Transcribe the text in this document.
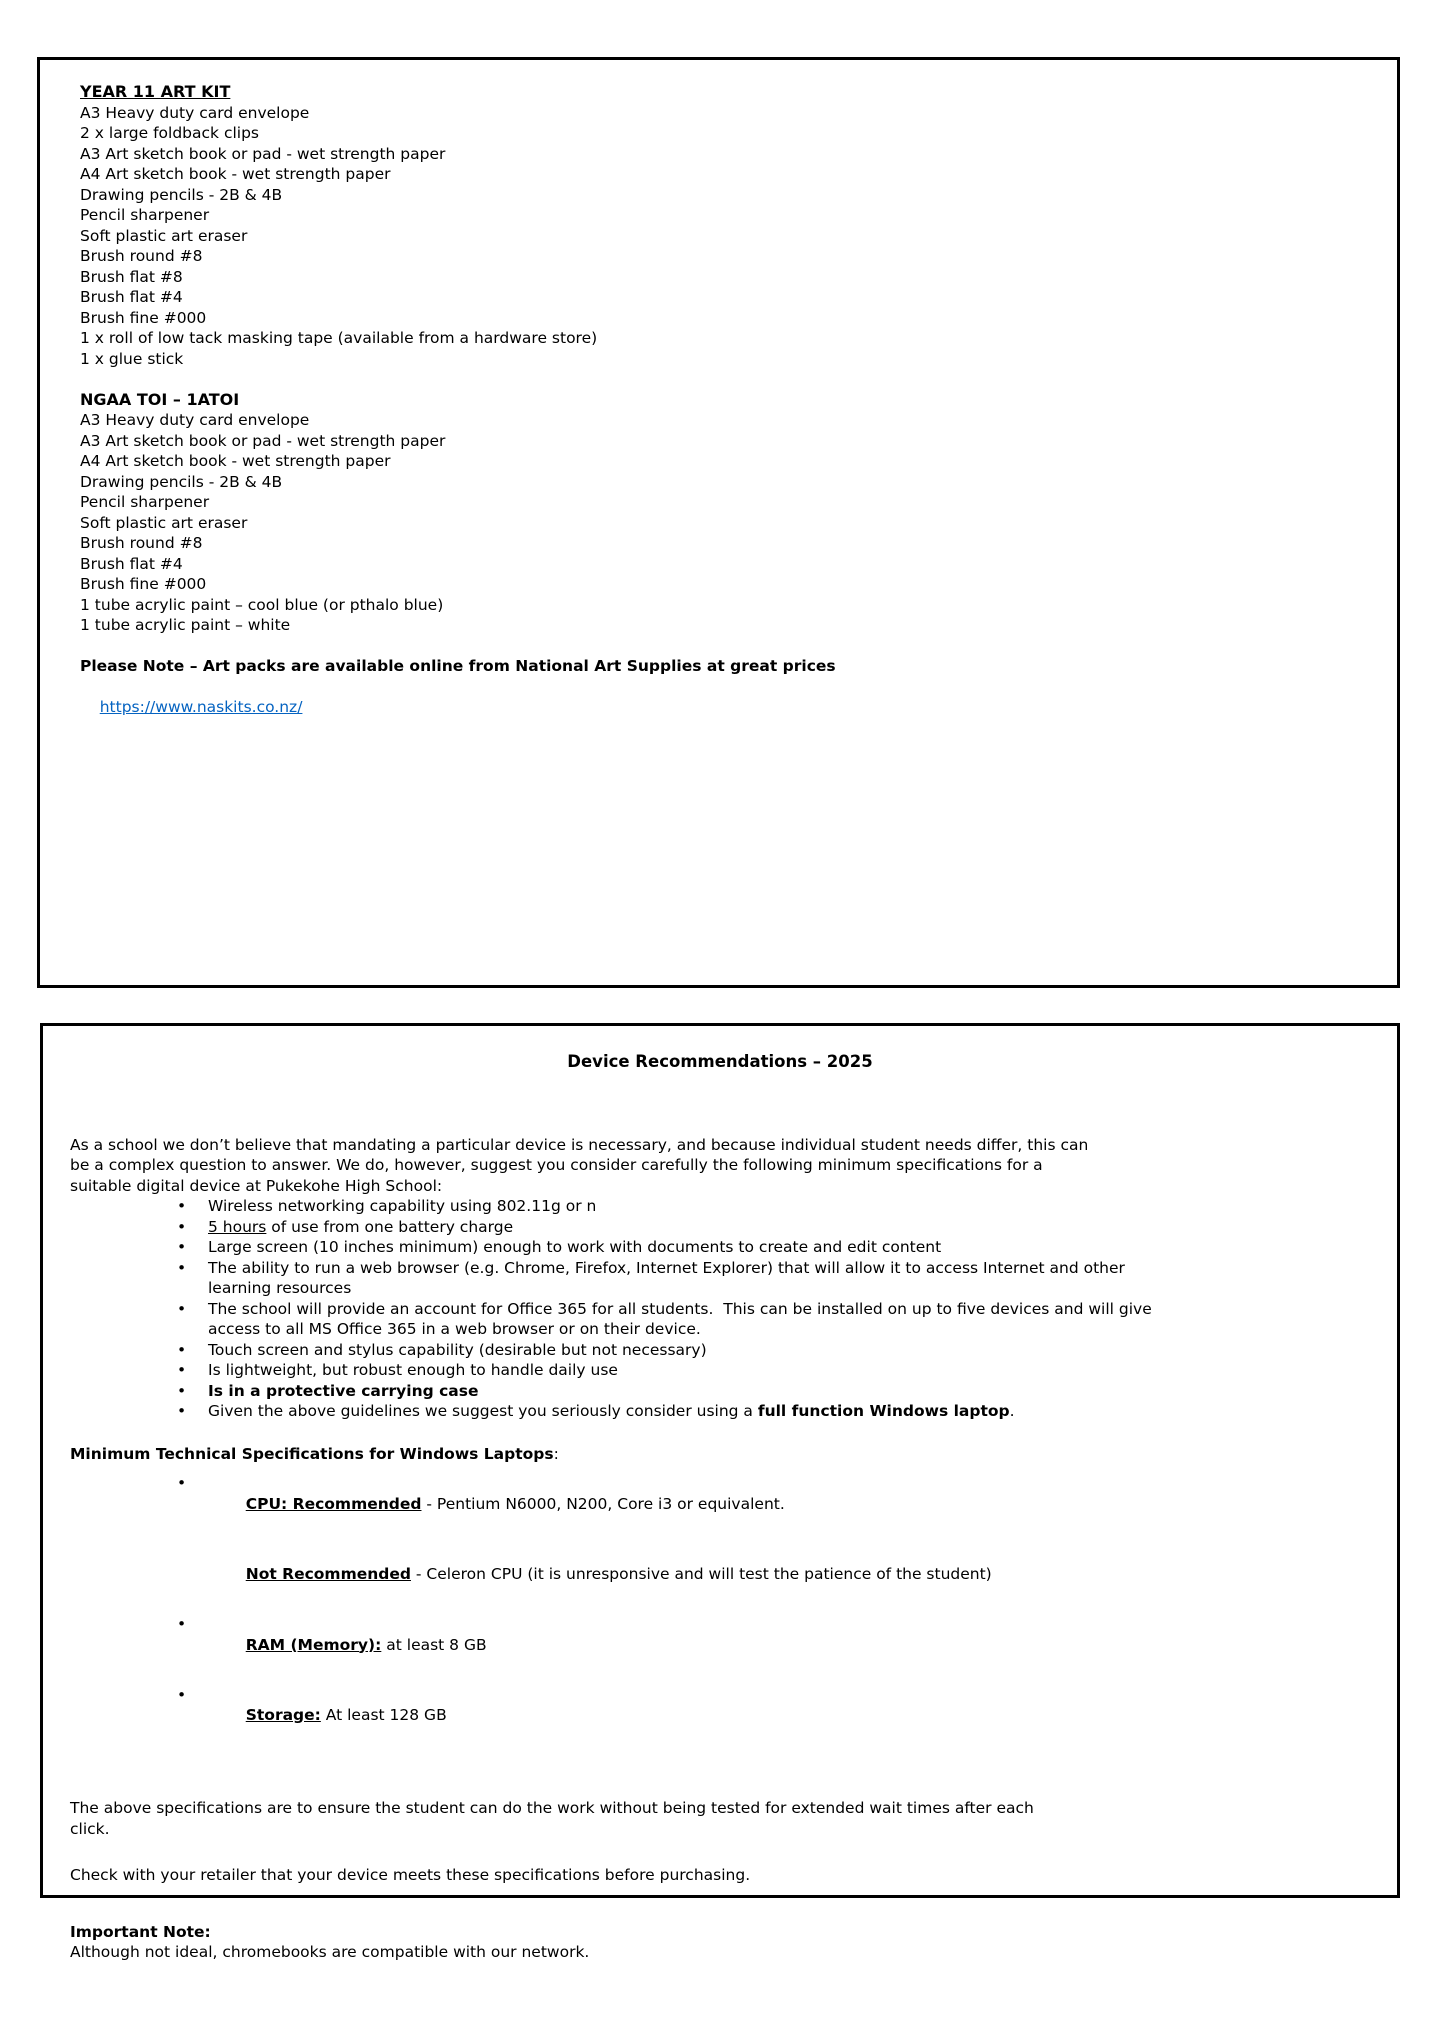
YEAR 11 ART KIT
A3 Heavy duty card envelope
2 x large foldback clips
A3 Art sketch book or pad - wet strength paper
A4 Art sketch book - wet strength paper
Drawing pencils - 2B & 4B
Pencil sharpener
Soft plastic art eraser
Brush round #8
Brush flat #8
Brush flat #4
Brush fine #000
1 x roll of low tack masking tape (available from a hardware store)
1 x glue stick
NGAA TOI – 1ATOI
A3 Heavy duty card envelope
A3 Art sketch book or pad - wet strength paper
A4 Art sketch book - wet strength paper
Drawing pencils - 2B & 4B
Pencil sharpener
Soft plastic art eraser
Brush round #8
Brush flat #4
Brush fine #000
1 tube acrylic paint – cool blue (or pthalo blue)
1 tube acrylic paint – white
Please Note – Art packs are available online from National Art Supplies at great prices

https://www.naskits.co.nz/

Device Recommendations – 2025
As a school we don’t believe that mandating a particular device is necessary, and because individual student needs differ, this can be a complex question to answer. We do, however, suggest you consider carefully the following minimum specifications for a suitable digital device at Pukekohe High School:
• Wireless networking capability using 802.11g or n
• 5 hours of use from one battery charge
• Large screen (10 inches minimum) enough to work with documents to create and edit content
• The ability to run a web browser (e.g. Chrome, Firefox, Internet Explorer) that will allow it to access Internet and other learning resources
• The school will provide an account for Office 365 for all students.  This can be installed on up to five devices and will give access to all MS Office 365 in a web browser or on their device.
• Touch screen and stylus capability (desirable but not necessary)
• Is lightweight, but robust enough to handle daily use
• Is in a protective carrying case
• Given the above guidelines we suggest you seriously consider using a full function Windows laptop.
Minimum Technical Specifications for Windows Laptops:

• CPU: Recommended - Pentium N6000, N200, Core i3 or equivalent.

Not Recommended - Celeron CPU (it is unresponsive and will test the patience of the student)

• RAM (Memory): at least 8 GB

• Storage: At least 128 GB

The above specifications are to ensure the student can do the work without being tested for extended wait times after each click.
Check with your retailer that your device meets these specifications before purchasing.
Important Note:
Although not ideal, chromebooks are compatible with our network.
